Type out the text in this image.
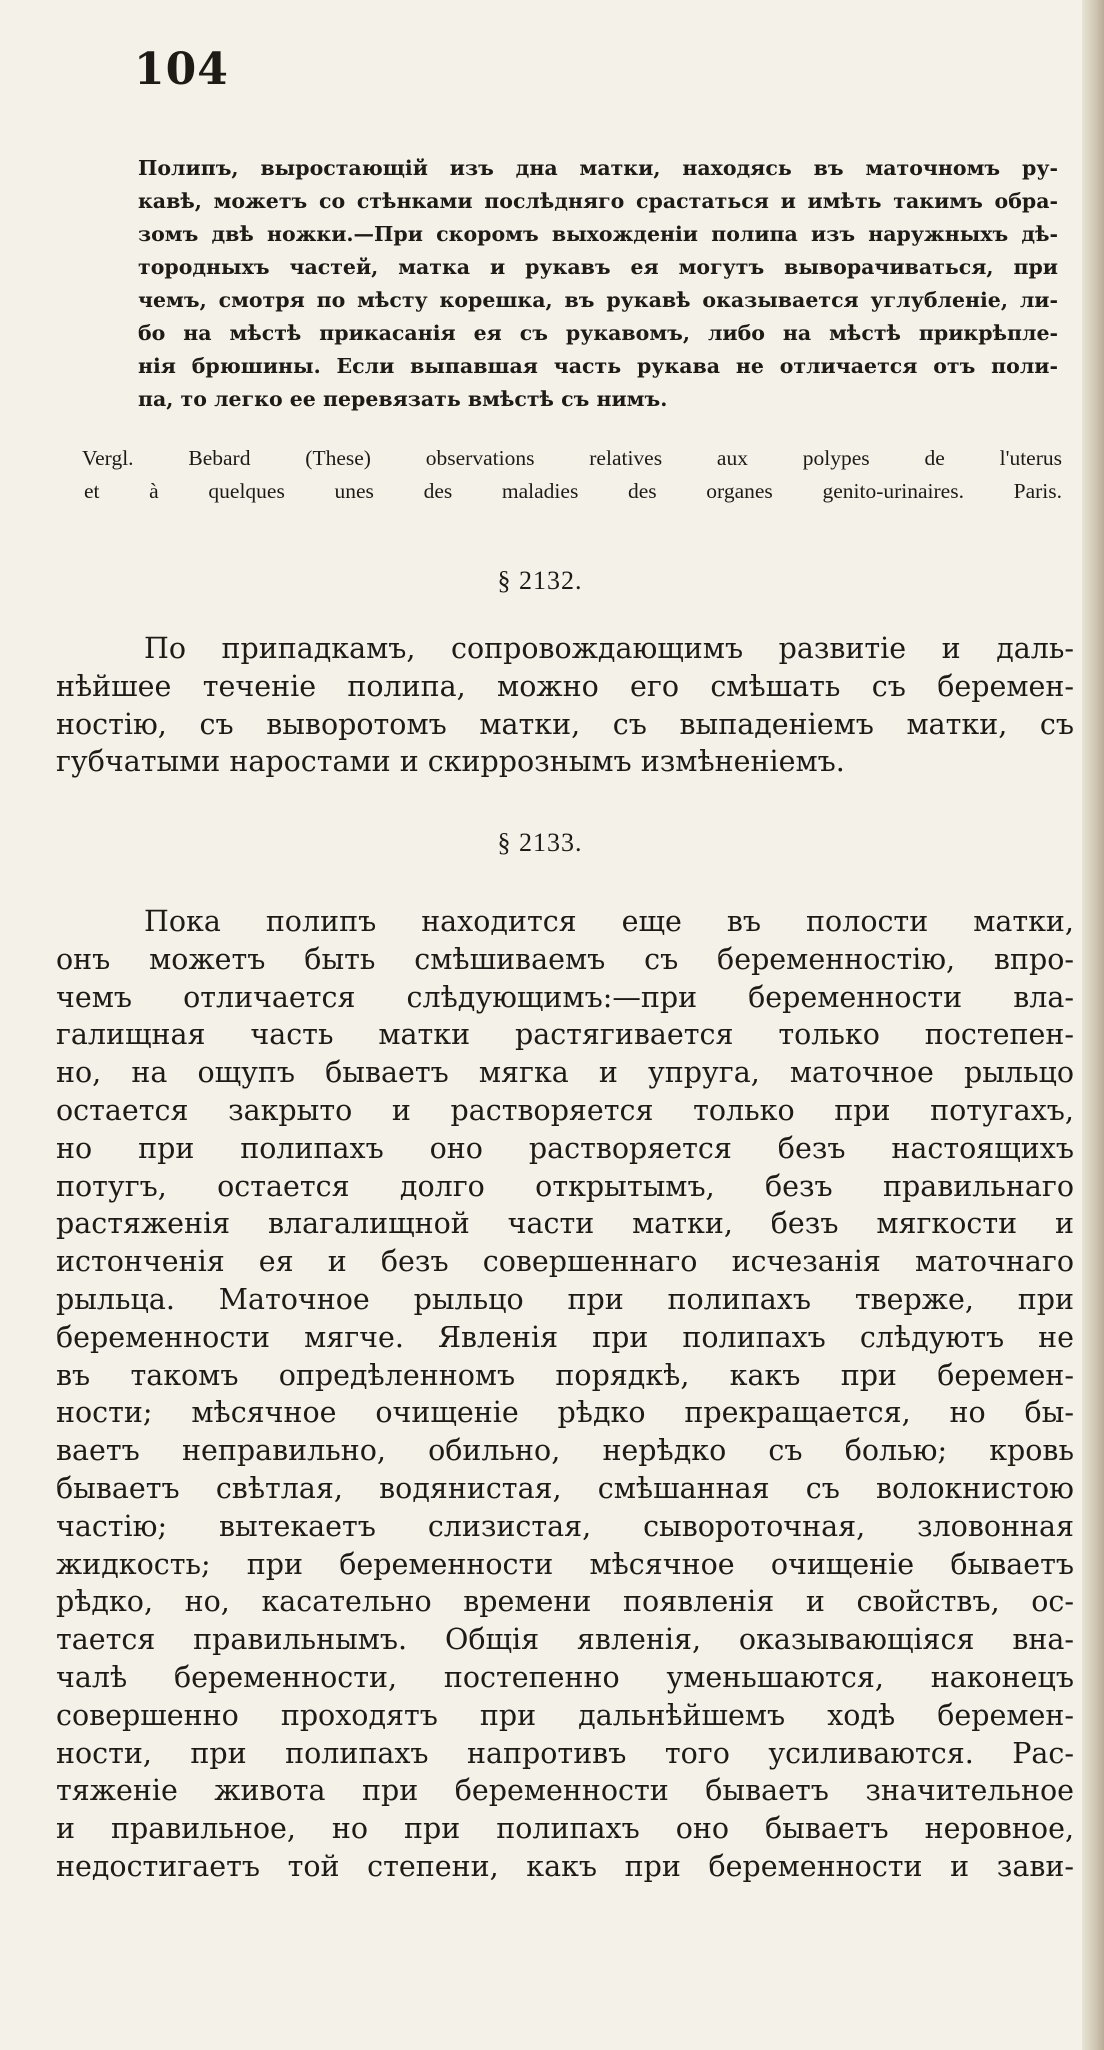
104
Полипъ, выростающій изъ дна матки, находясь въ маточномъ ру-
кавѣ, можетъ со стѣнками послѣдняго срастаться и имѣть такимъ обра-
зомъ двѣ ножки.—При скоромъ выхожденіи полипа изъ наружныхъ дѣ-
тородныхъ частей, матка и рукавъ ея могутъ выворачиваться, при
чемъ, смотря по мѣсту корешка, въ рукавѣ оказывается углубленіе, ли-
бо на мѣстѣ прикасанія ея съ рукавомъ, либо на мѣстѣ прикрѣпле-
нія брюшины. Если выпавшая часть рукава не отличается отъ поли-
па, то легко ее перевязать вмѣстѣ съ нимъ.
Vergl. Bebard (These) observations relatives aux polypes de l'uterus
et à quelques unes des maladies des organes genito-urinaires. Paris.
§ 2132.
По припадкамъ, сопровождающимъ развитіе и даль-
нѣйшее теченіе полипа, можно его смѣшать съ беремен-
ностію, съ выворотомъ матки, съ выпаденіемъ матки, съ
губчатыми наростами и скиррознымъ измѣненіемъ.
§ 2133.
Пока полипъ находится еще въ полости матки,
онъ можетъ быть смѣшиваемъ съ беременностію, впро-
чемъ отличается слѣдующимъ:—при беременности вла-
галищная часть матки растягивается только постепен-
но, на ощупъ бываетъ мягка и упруга, маточное рыльцо
остается закрыто и растворяется только при потугахъ,
но при полипахъ оно растворяется безъ настоящихъ
потугъ, остается долго открытымъ, безъ правильнаго
растяженія влагалищной части матки, безъ мягкости и
истонченія ея и безъ совершеннаго исчезанія маточнаго
рыльца. Маточное рыльцо при полипахъ тверже, при
беременности мягче. Явленія при полипахъ слѣдуютъ не
въ такомъ опредѣленномъ порядкѣ, какъ при беремен-
ности; мѣсячное очищеніе рѣдко прекращается, но бы-
ваетъ неправильно, обильно, нерѣдко съ болью; кровь
бываетъ свѣтлая, водянистая, смѣшанная съ волокнистою
частію; вытекаетъ слизистая, сывороточная, зловонная
жидкость; при беременности мѣсячное очищеніе бываетъ
рѣдко, но, касательно времени появленія и свойствъ, ос-
тается правильнымъ. Общія явленія, оказывающіяся вна-
чалѣ беременности, постепенно уменьшаются, наконецъ
совершенно проходятъ при дальнѣйшемъ ходѣ беремен-
ности, при полипахъ напротивъ того усиливаются. Рас-
тяженіе живота при беременности бываетъ значительное
и правильное, но при полипахъ оно бываетъ неровное,
недостигаетъ той степени, какъ при беременности и зави-
